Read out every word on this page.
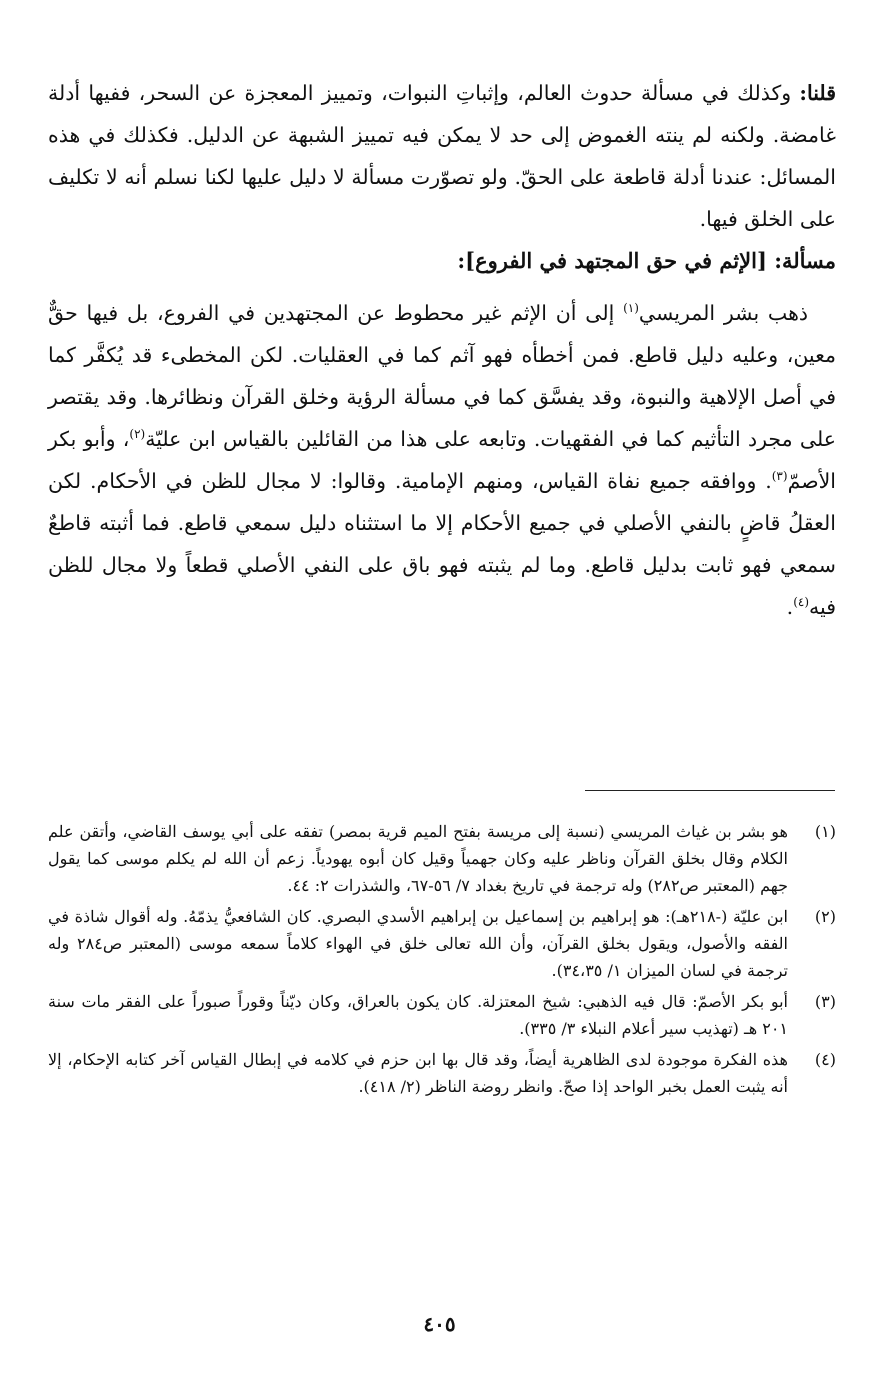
قلنا: وكذلك في مسألة حدوث العالم، وإثباتِ النبوات، وتمييز المعجزة عن السحر، ففيها أدلة غامضة. ولكنه لم ينته الغموض إلى حد لا يمكن فيه تمييز الشبهة عن الدليل. فكذلك في هذه المسائل: عندنا أدلة قاطعة على الحقّ. ولو تصوّرت مسألة لا دليل عليها لكنا نسلم أنه لا تكليف على الخلق فيها.

مسألة: [الإثم في حق المجتهد في الفروع]:

ذهب بشر المريسي$^{(١)}$ إلى أن الإثم غير محطوط عن المجتهدين في الفروع، بل فيها حقٌّ معين، وعليه دليل قاطع. فمن أخطأه فهو آثم كما في العقليات. لكن المخطىء قد يُكفَّر كما في أصل الإلاهية والنبوة، وقد يفسَّق كما في مسألة الرؤية وخلق القرآن ونظائرها. وقد يقتصر على مجرد التأثيم كما في الفقهيات. وتابعه على هذا من القائلين بالقياس ابن عليّة$^{(٢)}$، وأبو بكر الأصمّ$^{(٣)}$. ووافقه جميع نفاة القياس، ومنهم الإمامية. وقالوا: لا مجال للظن في الأحكام. لكن العقلُ قاضٍ بالنفي الأصلي في جميع الأحكام إلا ما استثناه دليل سمعي قاطع. فما أثبته قاطعٌ سمعي فهو ثابت بدليل قاطع. وما لم يثبته فهو باق على النفي الأصلي قطعاً ولا مجال للظن فيه$^{(٤)}$.

(١)
هو بشر بن غياث المريسي (نسبة إلى مريسة بفتح الميم قرية بمصر) تفقه على أبي يوسف القاضي، وأتقن علم الكلام وقال بخلق القرآن وناظر عليه وكان جهمياً وقيل كان أبوه يهودياً. زعم أن الله لم يكلم موسى كما يقول جهم (المعتبر ص٢٨٢) وله ترجمة في تاريخ بغداد ٧/ ٥٦-٦٧، والشذرات ٢: ٤٤.
(٢)
ابن عليّة (-٢١٨هـ): هو إبراهيم بن إسماعيل بن إبراهيم الأسدي البصري. كان الشافعيُّ يذمّهُ. وله أقوال شاذة في الفقه والأصول، ويقول بخلق القرآن، وأن الله تعالى خلق في الهواء كلاماً سمعه موسى (المعتبر ص٢٨٤ وله ترجمة في لسان الميزان ١/ ٣٤،٣٥).
(٣)
أبو بكر الأصمّ: قال فيه الذهبي: شيخ المعتزلة. كان يكون بالعراق، وكان ديّناً وقوراً صبوراً على الفقر مات سنة ٢٠١ هـ (تهذيب سير أعلام النبلاء ٣/ ٣٣٥).
(٤)
هذه الفكرة موجودة لدى الظاهرية أيضاً، وقد قال بها ابن حزم في كلامه في إبطال القياس آخر كتابه الإحكام، إلا أنه يثبت العمل بخبر الواحد إذا صحّ. وانظر روضة الناظر (٢/ ٤١٨).
٤٠٥
